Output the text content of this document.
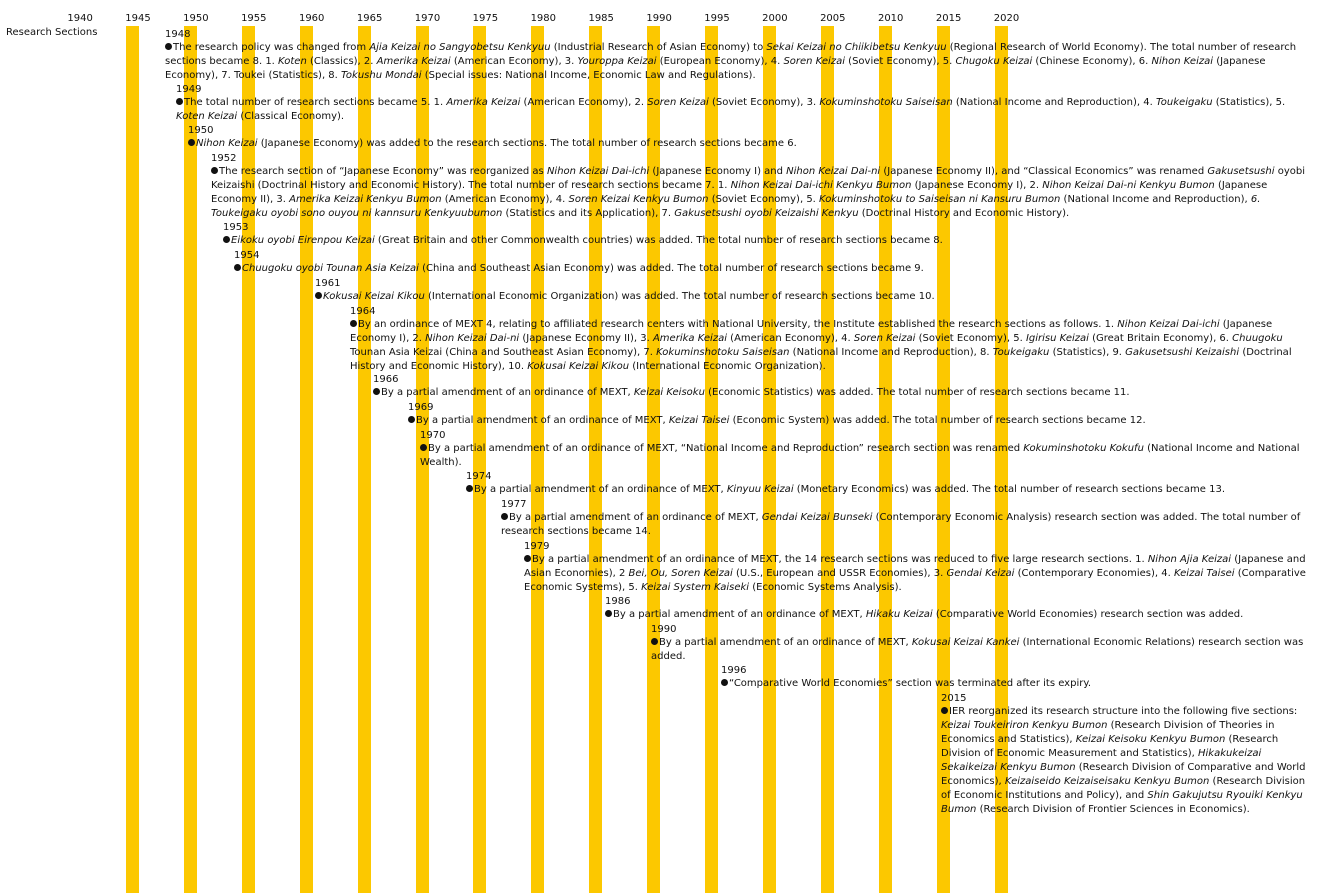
1940	1945	1950	1955	1960	1965	1970	1975	1980	1985	1990	1995	2000	2005	2010	2015	2020
Research Sections	1948
The research policy was changed from Ajia Keizai no Sangyobetsu Kenkyuu (Industrial Research of Asian Economy) to Sekai Keizai no Chiikibetsu Kenkyuu (Regional Research of World Economy). The total number of research sections became 8. 1. Koten (Classics), 2. Amerika Keizai (American Economy), 3. Youroppa Keizai (European Economy), 4. Soren Keizai (Soviet Economy), 5. Chugoku Keizai (Chinese Economy), 6. Nihon Keizai (Japanese Economy), 7. Toukei (Statistics), 8. Tokushu Mondai (Special issues: National Income, Economic Law and Regulations).
1949
The total number of research sections became 5. 1. Amerika Keizai (American Economy), 2. Soren Keizai (Soviet Economy), 3. Kokuminshotoku Saiseisan (National Income and Reproduction), 4. Toukeigaku (Statistics), 5. Koten Keizai (Classical Economy).
1950
Nihon Keizai (Japanese Economy) was added to the research sections. The total number of research sections became 6.
1952
The research section of “Japanese Economy” was reorganized as Nihon Keizai Dai-ichi (Japanese Economy I) and Nihon Keizai Dai-ni (Japanese Economy II), and “Classical Economics” was renamed Gakusetsushi oyobi Keizaishi (Doctrinal History and Economic History). The total number of research sections became 7. 1. Nihon Keizai Dai-ichi Kenkyu Bumon (Japanese Economy I), 2. Nihon Keizai Dai-ni Kenkyu Bumon (Japanese Economy II), 3. Amerika Keizai Kenkyu Bumon (American Economy), 4. Soren Keizai Kenkyu Bumon (Soviet Economy), 5. Kokuminshotoku to Saiseisan ni Kansuru Bumon (National Income and Reproduction), 6. Toukeigaku oyobi sono ouyou ni kannsuru Kenkyuubumon (Statistics and its Application), 7. Gakusetsushi oyobi Keizaishi Kenkyu (Doctrinal History and Economic History).
1953
Eikoku oyobi Eirenpou Keizai (Great Britain and other Commonwealth countries) was added. The total number of research sections became 8.
1954
Chuugoku oyobi Tounan Asia Keizai (China and Southeast Asian Economy) was added. The total number of research sections became 9.
1961
Kokusai Keizai Kikou (International Economic Organization) was added. The total number of research sections became 10.
1964
By an ordinance of MEXT 4, relating to affiliated research centers with National University, the Institute established the research sections as follows. 1. Nihon Keizai Dai-ichi (Japanese Economy I), 2. Nihon Keizai Dai-ni (Japanese Economy II), 3. Amerika Keizai (American Economy), 4. Soren Keizai (Soviet Economy), 5. Igirisu Keizai (Great Britain Economy), 6. Chuugoku Tounan Asia Keizai (China and Southeast Asian Economy), 7. Kokuminshotoku Saiseisan (National Income and Reproduction), 8. Toukeigaku (Statistics), 9. Gakusetsushi Keizaishi (Doctrinal History and Economic History), 10. Kokusai Keizai Kikou (International Economic Organization).
1966
By a partial amendment of an ordinance of MEXT, Keizai Keisoku (Economic Statistics) was added. The total number of research sections became 11.
1969
By a partial amendment of an ordinance of MEXT, Keizai Taisei (Economic System) was added. The total number of research sections became 12.
1970
By a partial amendment of an ordinance of MEXT, “National Income and Reproduction” research section was renamed Kokuminshotoku Kokufu (National Income and National Wealth).
1974
By a partial amendment of an ordinance of MEXT, Kinyuu Keizai (Monetary Economics) was added. The total number of research sections became 13.
1977
By a partial amendment of an ordinance of MEXT, Gendai Keizai Bunseki (Contemporary Economic Analysis) research section was added. The total number of research sections became 14.
1979
By a partial amendment of an ordinance of MEXT, the 14 research sections was reduced to five large research sections. 1. Nihon Ajia Keizai (Japanese and Asian Economies), 2 Bei, Ou, Soren Keizai (U.S., European and USSR Economies), 3. Gendai Keizai (Contemporary Economies), 4. Keizai Taisei (Comparative Economic Systems), 5. Keizai System Kaiseki (Economic Systems Analysis).
1986
By a partial amendment of an ordinance of MEXT, Hikaku Keizai (Comparative World Economies) research section was added.
1990
By a partial amendment of an ordinance of MEXT, Kokusai Keizai Kankei (International Economic Relations) research section was added.
1996
“Comparative World Economies” section was terminated after its expiry.
2015
IER reorganized its research structure into the following five sections: Keizai Toukeiriron Kenkyu Bumon (Research Division of Theories in Economics and Statistics), Keizai Keisoku Kenkyu Bumon (Research Division of Economic Measurement and Statistics), Hikakukeizai Sekaikeizai Kenkyu Bumon (Research Division of Comparative and World Economics), Keizaiseido Keizaiseisaku Kenkyu Bumon (Research Division of Economic Institutions and Policy), and Shin Gakujutsu Ryouiki Kenkyu Bumon (Research Division of Frontier Sciences in Economics).
